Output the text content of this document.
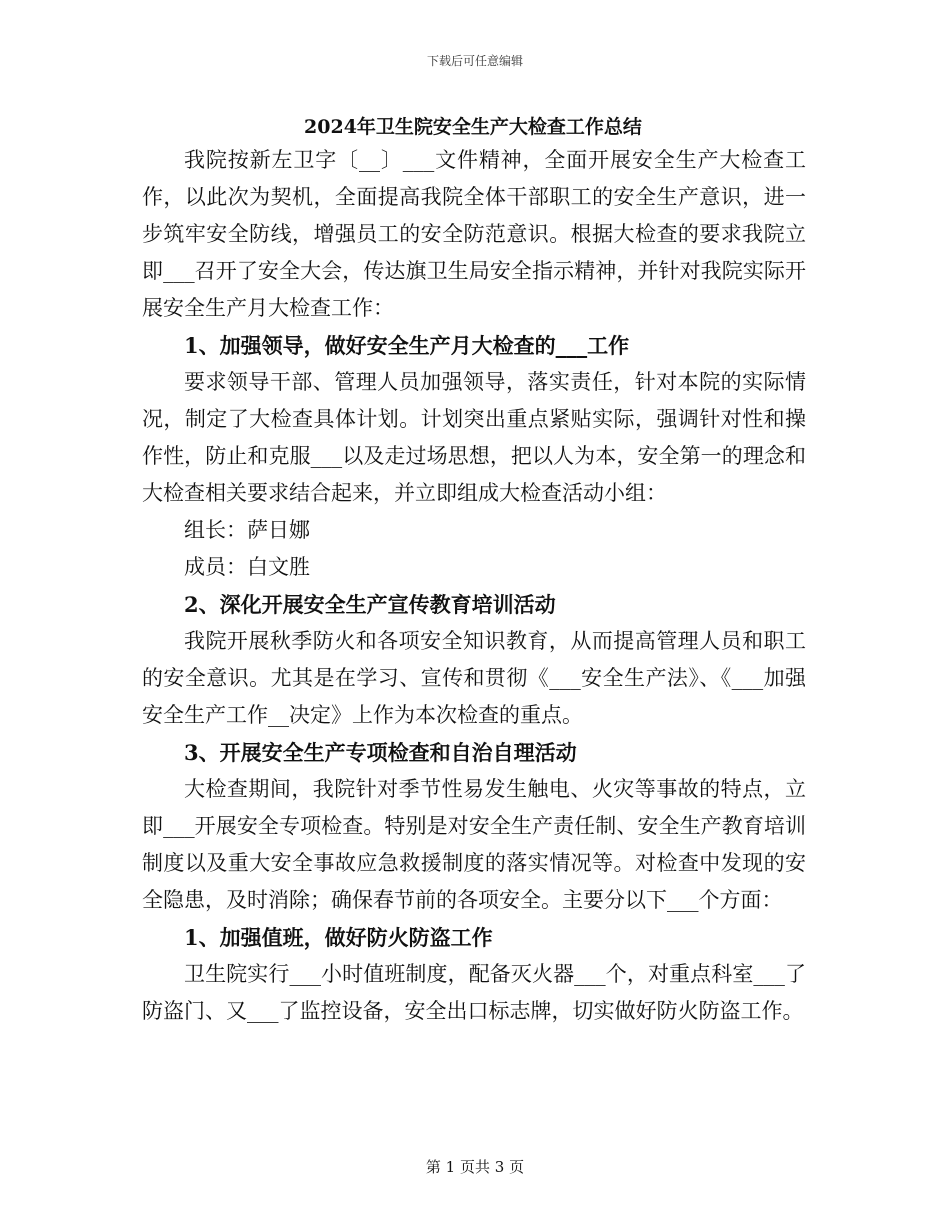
下载后可任意编辑
2024年卫生院安全生产大检查工作总结

我院按新左卫字〔__〕___文件精神，全面开展安全生产大检查工作，以此次为契机，全面提高我院全体干部职工的安全生产意识，进一步筑牢安全防线，增强员工的安全防范意识。根据大检查的要求我院立即___召开了安全大会，传达旗卫生局安全指示精神，并针对我院实际开展安全生产月大检查工作：

1、加强领导，做好安全生产月大检查的___工作

要求领导干部、管理人员加强领导，落实责任，针对本院的实际情况，制定了大检查具体计划。计划突出重点紧贴实际，强调针对性和操作性，防止和克服___以及走过场思想，把以人为本，安全第一的理念和大检查相关要求结合起来，并立即组成大检查活动小组：

组长：萨日娜

成员：白文胜

2、深化开展安全生产宣传教育培训活动

我院开展秋季防火和各项安全知识教育，从而提高管理人员和职工的安全意识。尤其是在学习、宣传和贯彻《___安全生产法》、《___加强安全生产工作__决定》上作为本次检查的重点。

3、开展安全生产专项检查和自治自理活动

大检查期间，我院针对季节性易发生触电、火灾等事故的特点，立即___开展安全专项检查。特别是对安全生产责任制、安全生产教育培训制度以及重大安全事故应急救援制度的落实情况等。对检查中发现的安全隐患，及时消除；确保春节前的各项安全。主要分以下___个方面：

1、加强值班，做好防火防盗工作

卫生院实行___小时值班制度，配备灭火器___个，对重点科室___了防盗门、又___了监控设备，安全出口标志牌，切实做好防火防盗工作。

第 1 页共 3 页
